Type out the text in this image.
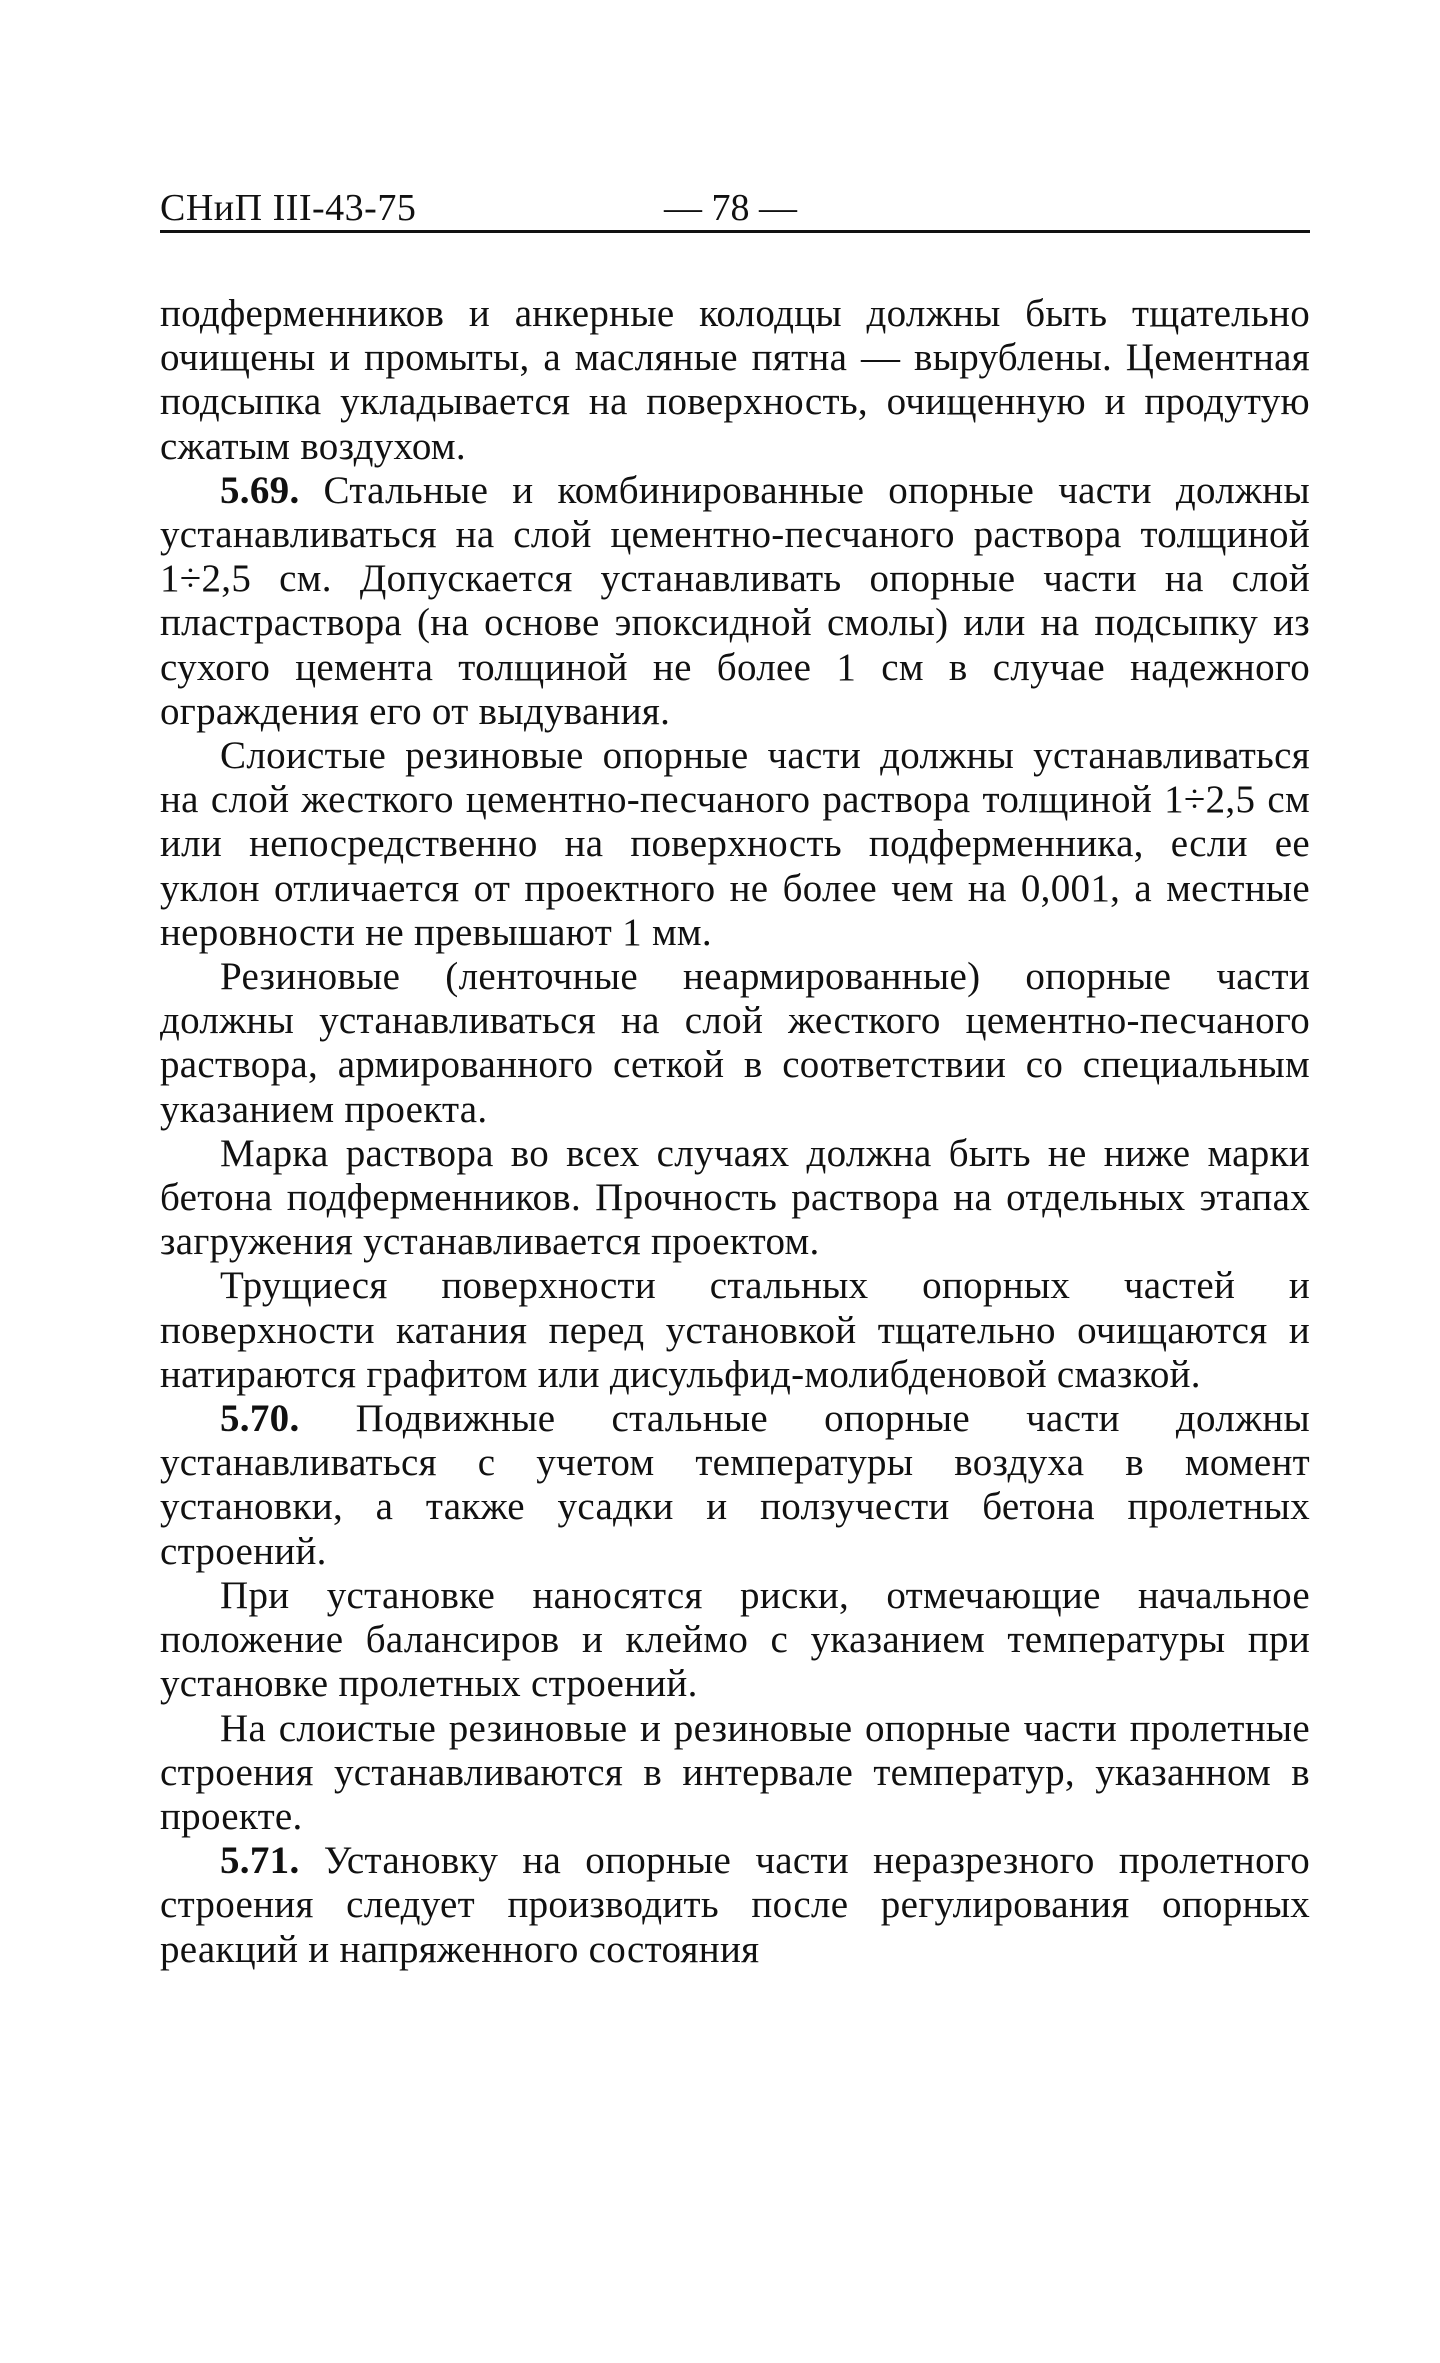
СНиП III-43-75	— 78 —

подферменников и анкерные колодцы должны быть тщательно очищены и промыты, а масляные пятна — вырублены. Цементная подсыпка укладывается на поверхность, очищенную и продутую сжатым воздухом.

5.69. Стальные и комбинированные опорные части должны устанавливаться на слой цементно-песчаного раствора толщиной 1÷2,5 см. Допускается устанавливать опорные части на слой пластраствора (на основе эпоксидной смолы) или на подсыпку из сухого цемента толщиной не более 1 см в случае надежного ограждения его от выдувания.

Слоистые резиновые опорные части должны устанавливаться на слой жесткого цементно-песчаного раствора толщиной 1÷2,5 см или непосредственно на поверхность подферменника, если ее уклон отличается от проектного не более чем на 0,001, а местные неровности не превышают 1 мм.

Резиновые (ленточные неармированные) опорные части должны устанавливаться на слой жесткого цементно-песчаного раствора, армированного сеткой в соответствии со специальным указанием проекта.

Марка раствора во всех случаях должна быть не ниже марки бетона подферменников. Прочность раствора на отдельных этапах загружения устанавливается проектом.

Трущиеся поверхности стальных опорных частей и поверхности катания перед установкой тщательно очищаются и натираются графитом или дисульфид-молибденовой смазкой.

5.70. Подвижные стальные опорные части должны устанавливаться с учетом температуры воздуха в момент установки, а также усадки и ползучести бетона пролетных строений.

При установке наносятся риски, отмечающие начальное положение балансиров и клеймо с указанием температуры при установке пролетных строений.

На слоистые резиновые и резиновые опорные части пролетные строения устанавливаются в интервале температур, указанном в проекте.

5.71. Установку на опорные части неразрезного пролетного строения следует производить после регулирования опорных реакций и напряженного состояния
